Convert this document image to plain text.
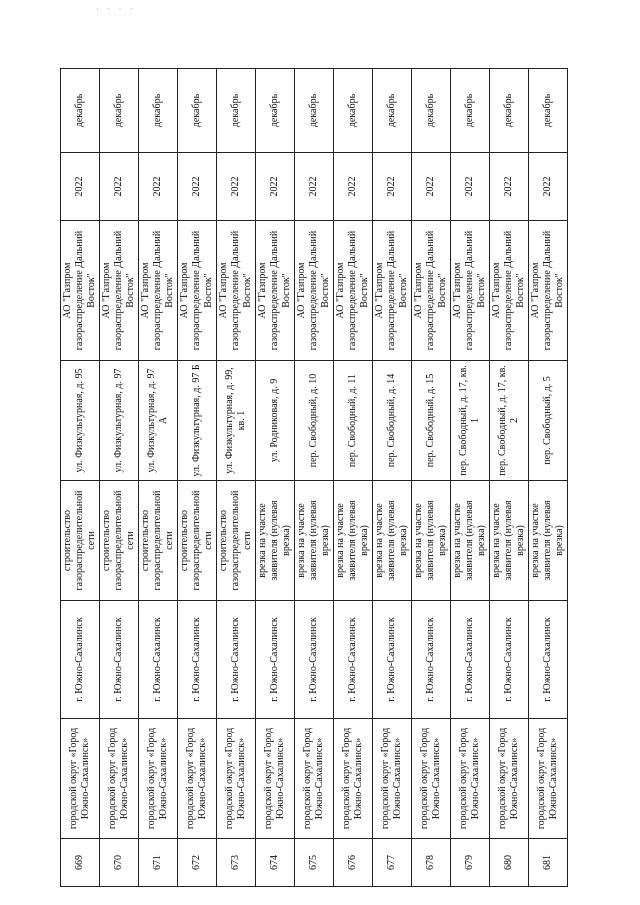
· · · ·
669	городской округ «Город Южно-Сахалинск»	г. Южно-Сахалинск	строительство газораспределительной сети	ул. Физкультурная, д. 95	АО "Газпром газораспределение Дальний Восток"	2022	декабрь
670	городской округ «Город Южно-Сахалинск»	г. Южно-Сахалинск	строительство газораспределительной сети	ул. Физкультурная, д. 97	АО "Газпром газораспределение Дальний Восток"	2022	декабрь
671	городской округ «Город Южно-Сахалинск»	г. Южно-Сахалинск	строительство газораспределительной сети	ул. Физкультурная, д. 97 А	АО "Газпром газораспределение Дальний Восток"	2022	декабрь
672	городской округ «Город Южно-Сахалинск»	г. Южно-Сахалинск	строительство газораспределительной сети	ул. Физкультурная, д. 97 Б	АО "Газпром газораспределение Дальний Восток"	2022	декабрь
673	городской округ «Город Южно-Сахалинск»	г. Южно-Сахалинск	строительство газораспределительной сети	ул. Физкультурная, д. 99, кв. 1	АО "Газпром газораспределение Дальний Восток"	2022	декабрь
674	городской округ «Город Южно-Сахалинск»	г. Южно-Сахалинск	врезка на участке заявителя (нулевая врезка)	ул. Родниковая, д. 9	АО "Газпром газораспределение Дальний Восток"	2022	декабрь
675	городской округ «Город Южно-Сахалинск»	г. Южно-Сахалинск	врезка на участке заявителя (нулевая врезка)	пер. Свободный, д. 10	АО "Газпром газораспределение Дальний Восток"	2022	декабрь
676	городской округ «Город Южно-Сахалинск»	г. Южно-Сахалинск	врезка на участке заявителя (нулевая врезка)	пер. Свободный, д. 11	АО "Газпром газораспределение Дальний Восток"	2022	декабрь
677	городской округ «Город Южно-Сахалинск»	г. Южно-Сахалинск	врезка на участке заявителя (нулевая врезка)	пер. Свободный, д. 14	АО "Газпром газораспределение Дальний Восток"	2022	декабрь
678	городской округ «Город Южно-Сахалинск»	г. Южно-Сахалинск	врезка на участке заявителя (нулевая врезка)	пер. Свободный, д. 15	АО "Газпром газораспределение Дальний Восток"	2022	декабрь
679	городской округ «Город Южно-Сахалинск»	г. Южно-Сахалинск	врезка на участке заявителя (нулевая врезка)	пер. Свободный, д. 17, кв. 1	АО "Газпром газораспределение Дальний Восток"	2022	декабрь
680	городской округ «Город Южно-Сахалинск»	г. Южно-Сахалинск	врезка на участке заявителя (нулевая врезка)	пер. Свободный, д. 17, кв. 2	АО "Газпром газораспределение Дальний Восток"	2022	декабрь
681	городской округ «Город Южно-Сахалинск»	г. Южно-Сахалинск	врезка на участке заявителя (нулевая врезка)	пер. Свободный, д. 5	АО "Газпром газораспределение Дальний Восток"	2022	декабрь
